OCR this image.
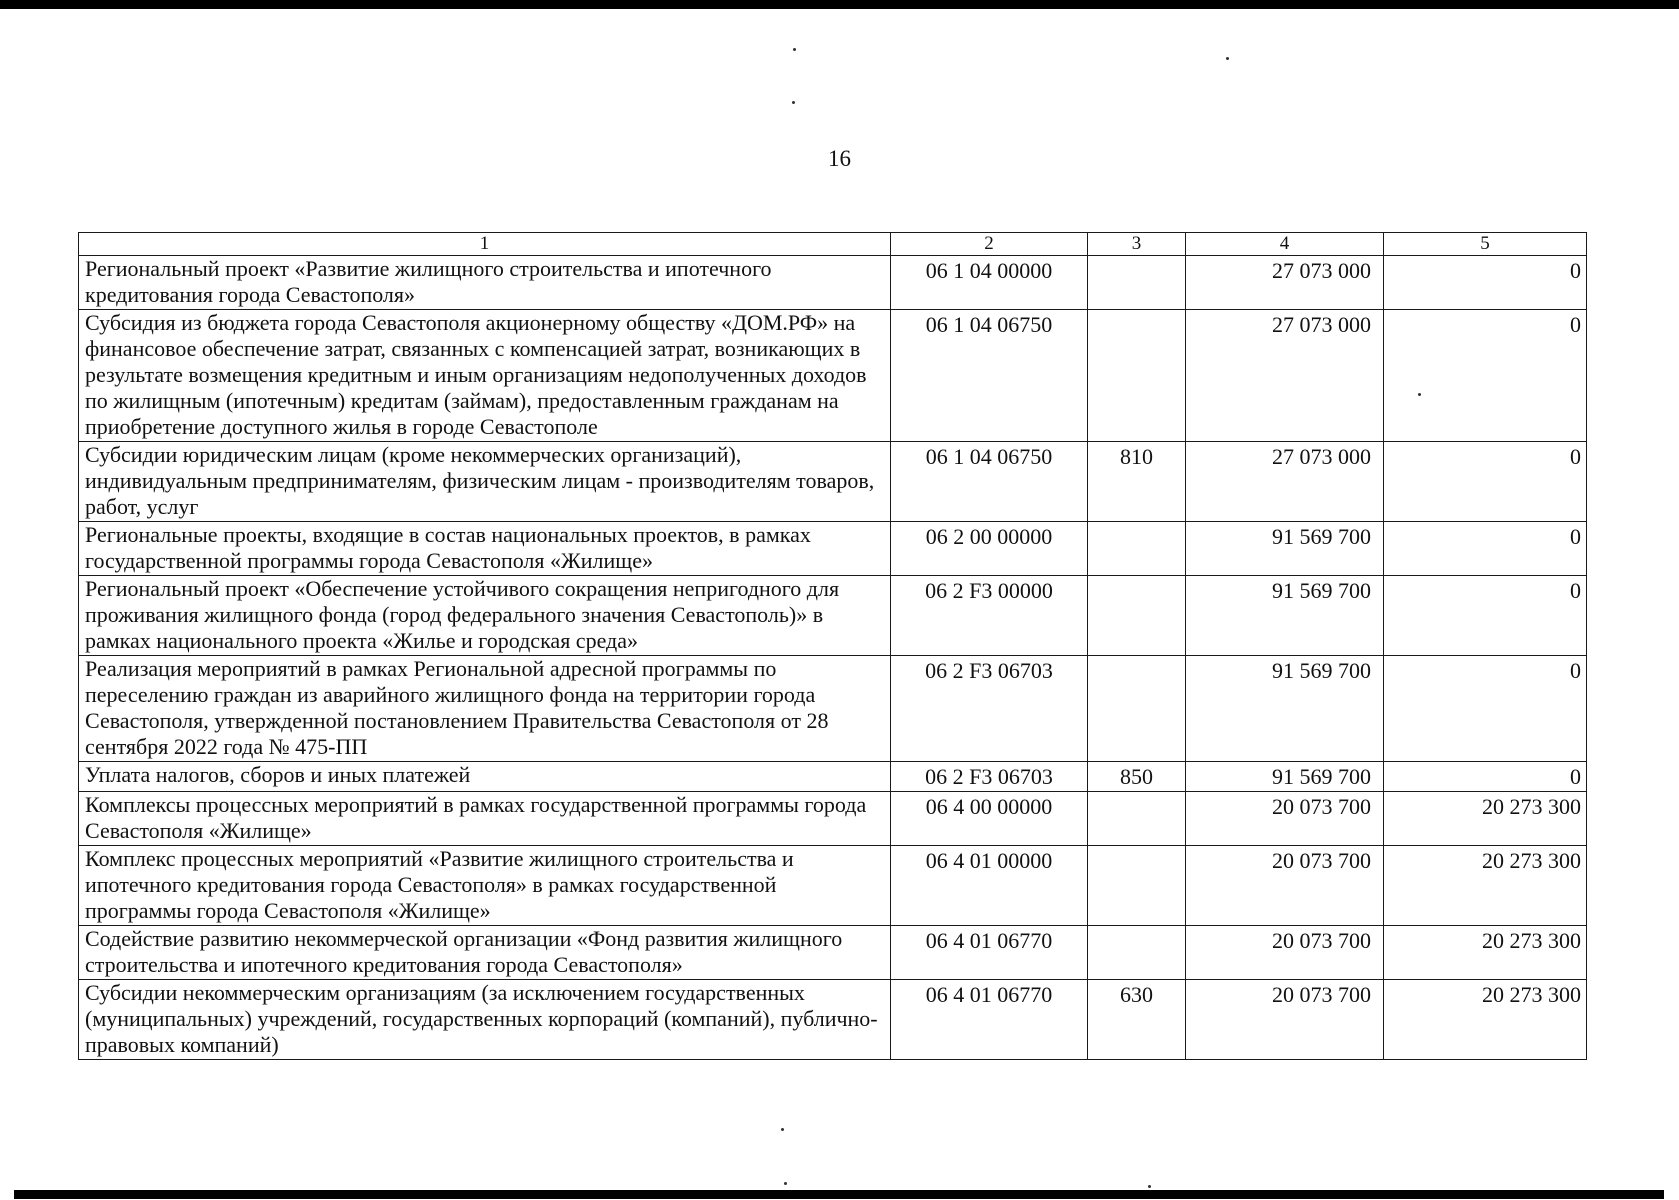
16
1	2	3	4	5
Региональный проект «Развитие жилищного строительства и ипотечного кредитования города Севастополя»	06 1 04 00000		27 073 000	0
Субсидия из бюджета города Севастополя акционерному обществу «ДОМ.РФ» на финансовое обеспечение затрат, связанных с компенсацией затрат, возникающих в результате возмещения кредитным и иным организациям недополученных доходов по жилищным (ипотечным) кредитам (займам), предоставленным гражданам на приобретение доступного жилья в городе Севастополе	06 1 04 06750		27 073 000	0
Субсидии юридическим лицам (кроме некоммерческих организаций), индивидуальным предпринимателям, физическим лицам - производителям товаров, работ, услуг	06 1 04 06750	810	27 073 000	0
Региональные проекты, входящие в состав национальных проектов, в рамках государственной программы города Севастополя «Жилище»	06 2 00 00000		91 569 700	0
Региональный проект «Обеспечение устойчивого сокращения непригодного для проживания жилищного фонда (город федерального значения Севастополь)» в рамках национального проекта «Жилье и городская среда»	06 2 F3 00000		91 569 700	0
Реализация мероприятий в рамках Региональной адресной программы по переселению граждан из аварийного жилищного фонда на территории города Севастополя, утвержденной постановлением Правительства Севастополя от 28 сентября 2022 года № 475-ПП	06 2 F3 06703		91 569 700	0
Уплата налогов, сборов и иных платежей	06 2 F3 06703	850	91 569 700	0
Комплексы процессных мероприятий в рамках государственной программы города Севастополя «Жилище»	06 4 00 00000		20 073 700	20 273 300
Комплекс процессных мероприятий «Развитие жилищного строительства и ипотечного кредитования города Севастополя» в рамках государственной программы города Севастополя «Жилище»	06 4 01 00000		20 073 700	20 273 300
Содействие развитию некоммерческой организации «Фонд развития жилищного строительства и ипотечного кредитования города Севастополя»	06 4 01 06770		20 073 700	20 273 300
Субсидии некоммерческим организациям (за исключением государственных (муниципальных) учреждений, государственных корпораций (компаний), публично-правовых компаний)	06 4 01 06770	630	20 073 700	20 273 300
